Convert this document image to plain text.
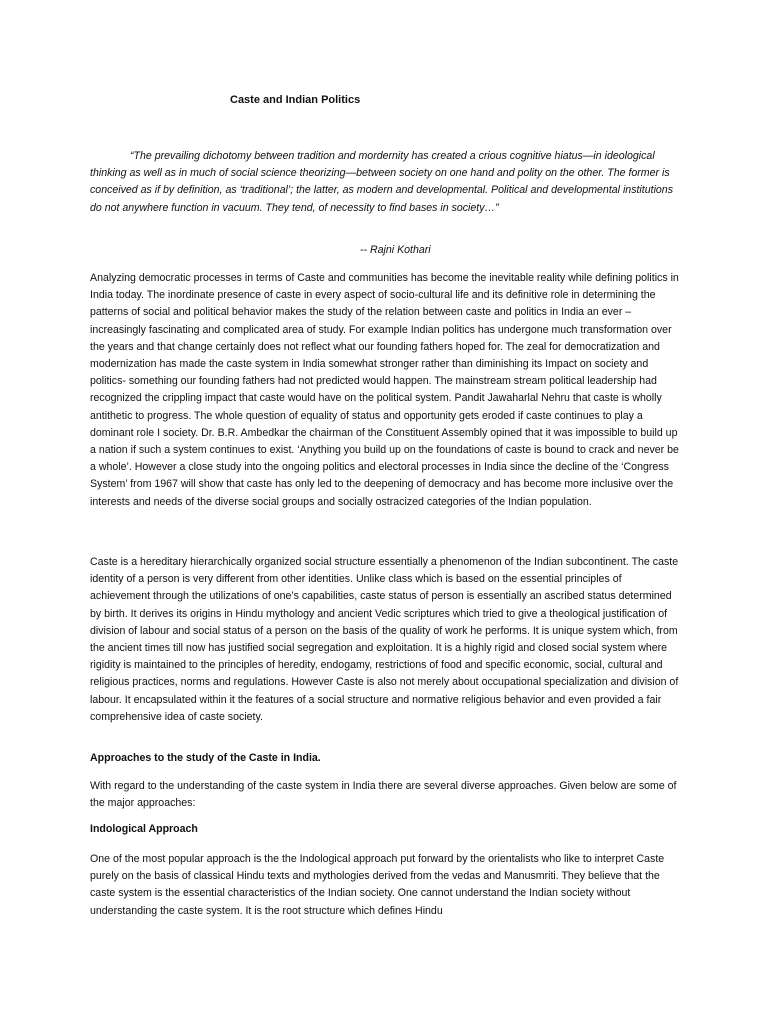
Caste and Indian Politics

“The prevailing dichotomy between tradition and mordernity has created a crious cognitive hiatus—in ideological thinking as well as in much of social science theorizing—between society on one hand and polity on the other. The former is conceived as if by definition, as ‘traditional’; the latter, as modern and developmental. Political and developmental institutions do not anywhere function in vacuum. They tend, of necessity to find bases in society…”

-- Rajni Kothari

Analyzing democratic processes in terms of Caste and communities has become the inevitable reality while defining politics in India today. The inordinate presence of caste in every aspect of socio-cultural life and its definitive role in determining the patterns of social and political behavior makes the study of the relation between caste and politics in India an ever –increasingly fascinating and complicated area of study. For example Indian politics has undergone much transformation over the years and that change certainly does not reflect what our founding fathers hoped for. The zeal for democratization and modernization has made the caste system in India somewhat stronger rather than diminishing its Impact on society and politics- something our founding fathers had not predicted would happen. The mainstream stream political leadership had recognized the crippling impact that caste would have on the political system. Pandit Jawaharlal Nehru that caste is wholly antithetic to progress. The whole question of equality of status and opportunity gets eroded if caste continues to play a dominant role I society. Dr. B.R. Ambedkar the chairman of the Constituent Assembly opined that it was impossible to build up a nation if such a system continues to exist. ‘Anything you build up on the foundations of caste is bound to crack and never be a whole’. However a close study into the ongoing politics and electoral processes in India since the decline of the ‘Congress System’ from 1967 will show that caste has only led to the deepening of democracy and has become more inclusive over the interests and needs of the diverse social groups and socially ostracized categories of the Indian population.

Caste is a hereditary hierarchically organized social structure essentially a phenomenon of the Indian subcontinent. The caste identity of a person is very different from other identities. Unlike class which is based on the essential principles of achievement through the utilizations of one’s capabilities, caste status of person is essentially an ascribed status determined by birth. It derives its origins in Hindu mythology and ancient Vedic scriptures which tried to give a theological justification of division of labour and social status of a person on the basis of the quality of work he performs. It is unique system which, from the ancient times till now has justified social segregation and exploitation. It is a highly rigid and closed social system where rigidity is maintained to the principles of heredity, endogamy, restrictions of food and specific economic, social, cultural and religious practices, norms and regulations. However Caste is also not merely about occupational specialization and division of labour. It encapsulated within it the features of a social structure and normative religious behavior and even provided a fair comprehensive idea of caste society.

Approaches to the study of the Caste in India.

With regard to the understanding of the caste system in India there are several diverse approaches. Given below are some of the major approaches:

Indological Approach

One of the most popular approach is the the Indological approach put forward by the orientalists who like to interpret Caste purely on the basis of classical Hindu texts and mythologies derived from the vedas and Manusmriti. They believe that the caste system is the essential characteristics of the Indian society. One cannot understand the Indian society without understanding the caste system. It is the root structure which defines Hindu
